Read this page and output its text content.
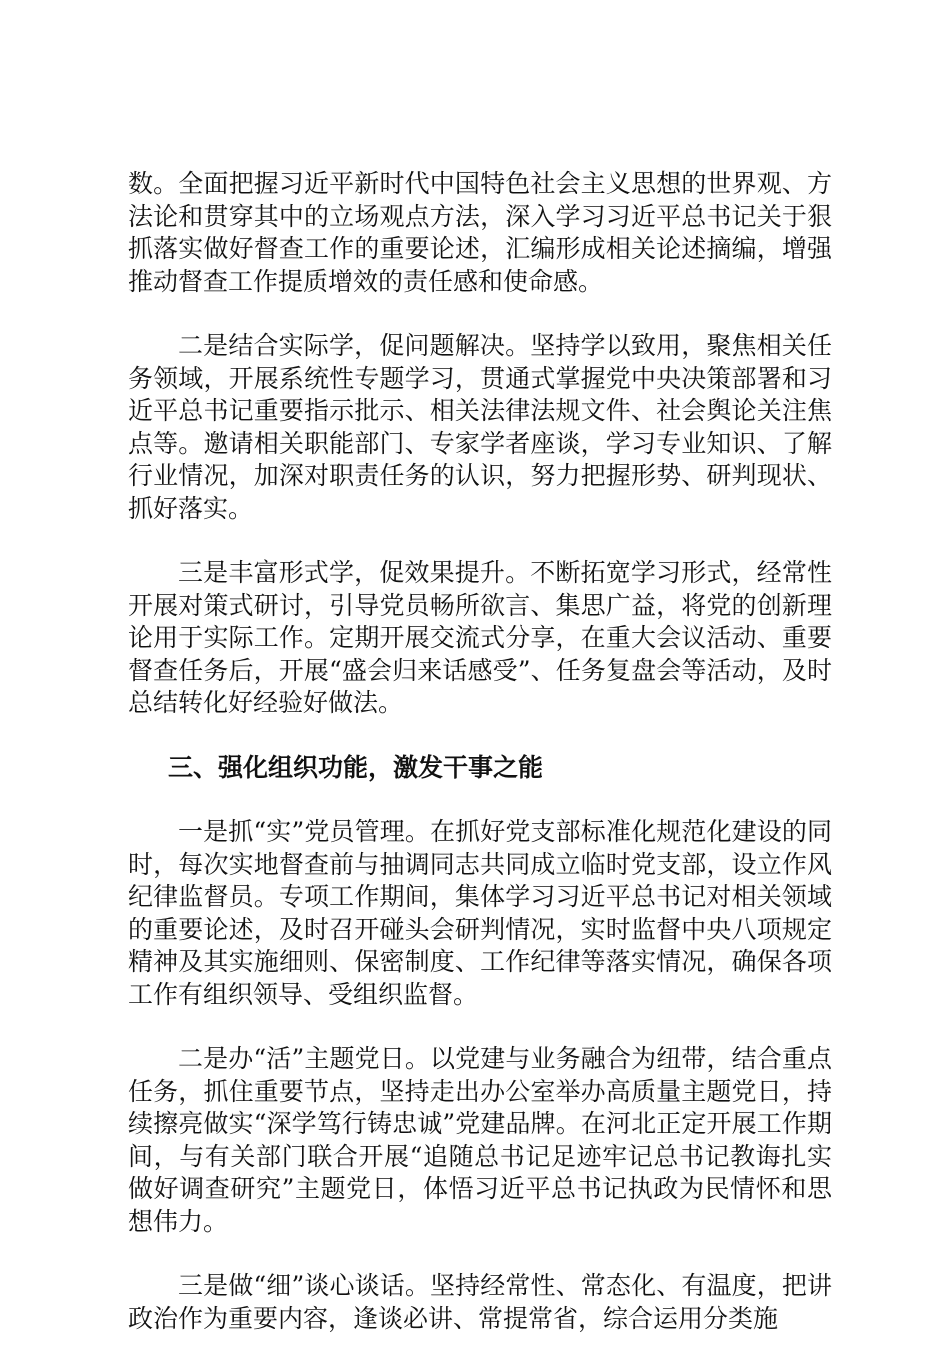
数。全面把握习近平新时代中国特色社会主义思想的世界观、方法论和贯穿其中的立场观点方法，深入学习习近平总书记关于狠抓落实做好督查工作的重要论述，汇编形成相关论述摘编，增强推动督查工作提质增效的责任感和使命感。

二是结合实际学，促问题解决。坚持学以致用，聚焦相关任务领域，开展系统性专题学习，贯通式掌握党中央决策部署和习近平总书记重要指示批示、相关法律法规文件、社会舆论关注焦点等。邀请相关职能部门、专家学者座谈，学习专业知识、了解行业情况，加深对职责任务的认识，努力把握形势、研判现状、抓好落实。

三是丰富形式学，促效果提升。不断拓宽学习形式，经常性开展对策式研讨，引导党员畅所欲言、集思广益，将党的创新理论用于实际工作。定期开展交流式分享，在重大会议活动、重要督查任务后，开展“盛会归来话感受”、任务复盘会等活动，及时总结转化好经验好做法。

三、强化组织功能，激发干事之能

一是抓“实”党员管理。在抓好党支部标准化规范化建设的同时，每次实地督查前与抽调同志共同成立临时党支部，设立作风纪律监督员。专项工作期间，集体学习习近平总书记对相关领域的重要论述，及时召开碰头会研判情况，实时监督中央八项规定精神及其实施细则、保密制度、工作纪律等落实情况，确保各项工作有组织领导、受组织监督。

二是办“活”主题党日。以党建与业务融合为纽带，结合重点任务，抓住重要节点，坚持走出办公室举办高质量主题党日，持续擦亮做实“深学笃行铸忠诚”党建品牌。在河北正定开展工作期间，与有关部门联合开展“追随总书记足迹牢记总书记教诲扎实做好调查研究”主题党日，体悟习近平总书记执政为民情怀和思想伟力。

三是做“细”谈心谈话。坚持经常性、常态化、有温度，把讲政治作为重要内容，逢谈必讲、常提常省，综合运用分类施
